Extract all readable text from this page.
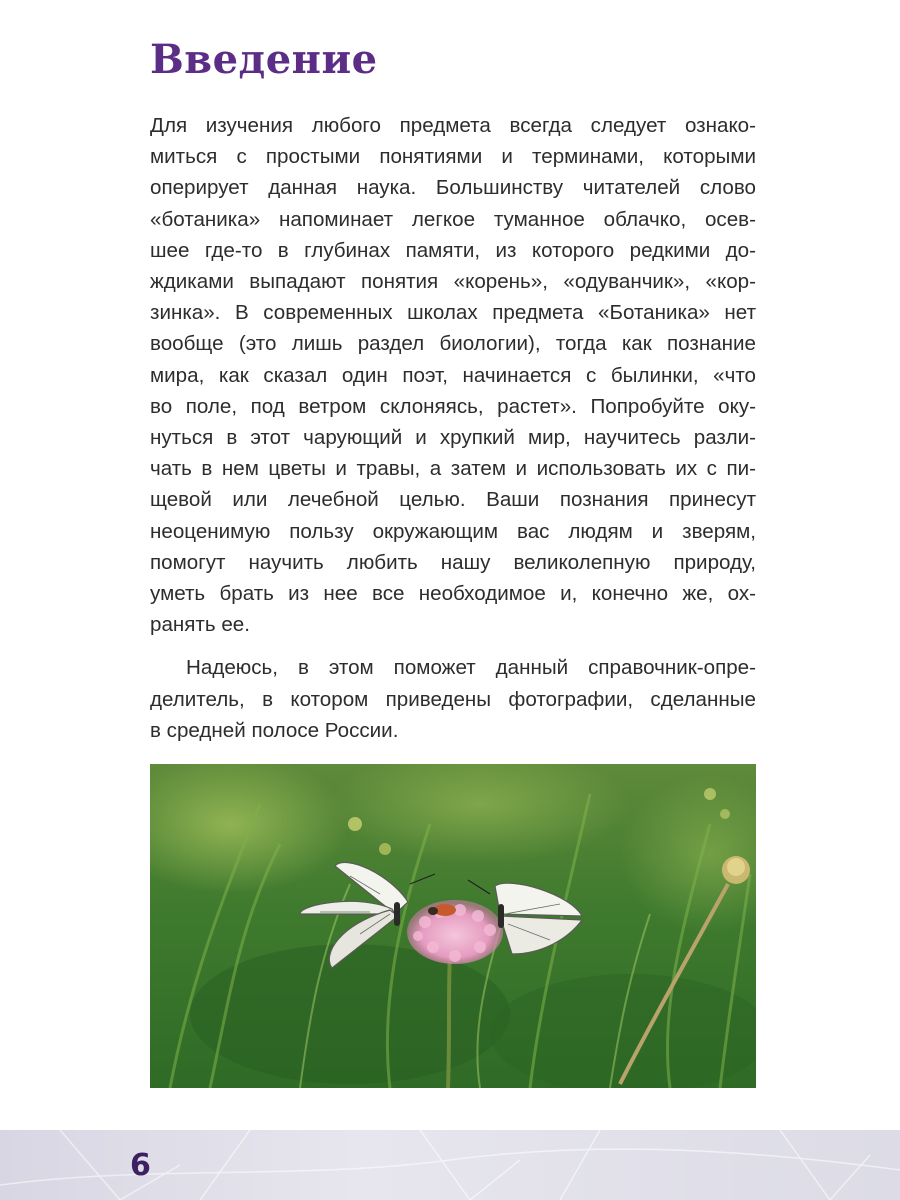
Введение

Для изучения любого предмета всегда следует ознако-
миться с простыми понятиями и терминами, которыми
оперирует данная наука. Большинству читателей слово
«ботаника» напоминает легкое туманное облачко, осев-
шее где-то в глубинах памяти, из которого редкими до-
ждиками выпадают понятия «корень», «одуванчик», «кор-
зинка». В современных школах предмета «Ботаника» нет
вообще (это лишь раздел биологии), тогда как познание
мира, как сказал один поэт, начинается с былинки, «что
во поле, под ветром склоняясь, растет». Попробуйте оку-
нуться в этот чарующий и хрупкий мир, научитесь разли-
чать в нем цветы и травы, а затем и использовать их с пи-
щевой или лечебной целью. Ваши познания принесут
неоценимую пользу окружающим вас людям и зверям,
помогут научить любить нашу великолепную природу,
уметь брать из нее все необходимое и, конечно же, ох-
ранять ее.

Надеюсь, в этом поможет данный справочник-опре-
делитель, в котором приведены фотографии, сделанные
в средней полосе России.

6
